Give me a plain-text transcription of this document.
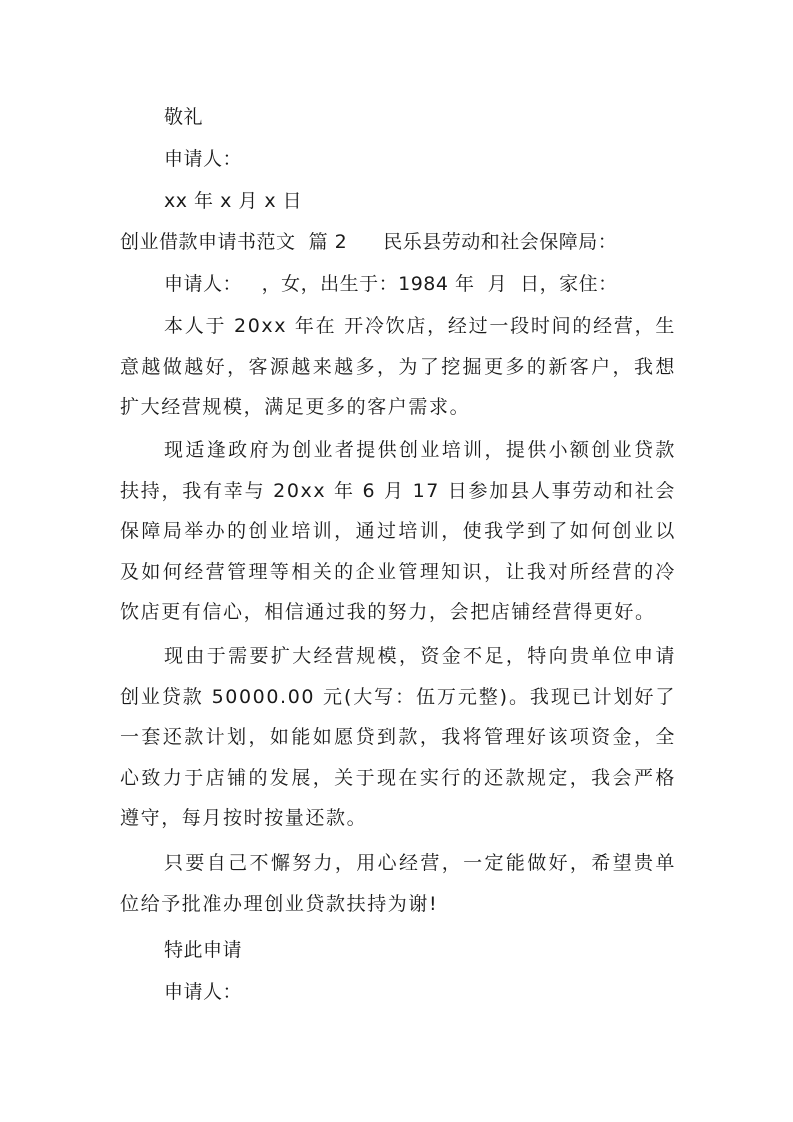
敬礼
申请人：
xx 年 x 月 x 日
创业借款申请书范文  篇 2 民乐县劳动和社会保障局：
申请人：   ，女，出生于：1984 年  月  日，家住：
本人于 20xx 年在 开冷饮店，经过一段时间的经营，生意越做越好，客源越来越多，为了挖掘更多的新客户，我想扩大经营规模，满足更多的客户需求。
现适逢政府为创业者提供创业培训，提供小额创业贷款扶持，我有幸与 20xx 年 6 月 17 日参加县人事劳动和社会保障局举办的创业培训，通过培训，使我学到了如何创业以及如何经营管理等相关的企业管理知识，让我对所经营的冷饮店更有信心，相信通过我的努力，会把店铺经营得更好。
现由于需要扩大经营规模，资金不足，特向贵单位申请创业贷款 50000.00 元(大写：伍万元整)。我现已计划好了一套还款计划，如能如愿贷到款，我将管理好该项资金，全心致力于店铺的发展，关于现在实行的还款规定，我会严格遵守，每月按时按量还款。
只要自己不懈努力，用心经营，一定能做好，希望贵单位给予批准办理创业贷款扶持为谢!
特此申请
申请人：
